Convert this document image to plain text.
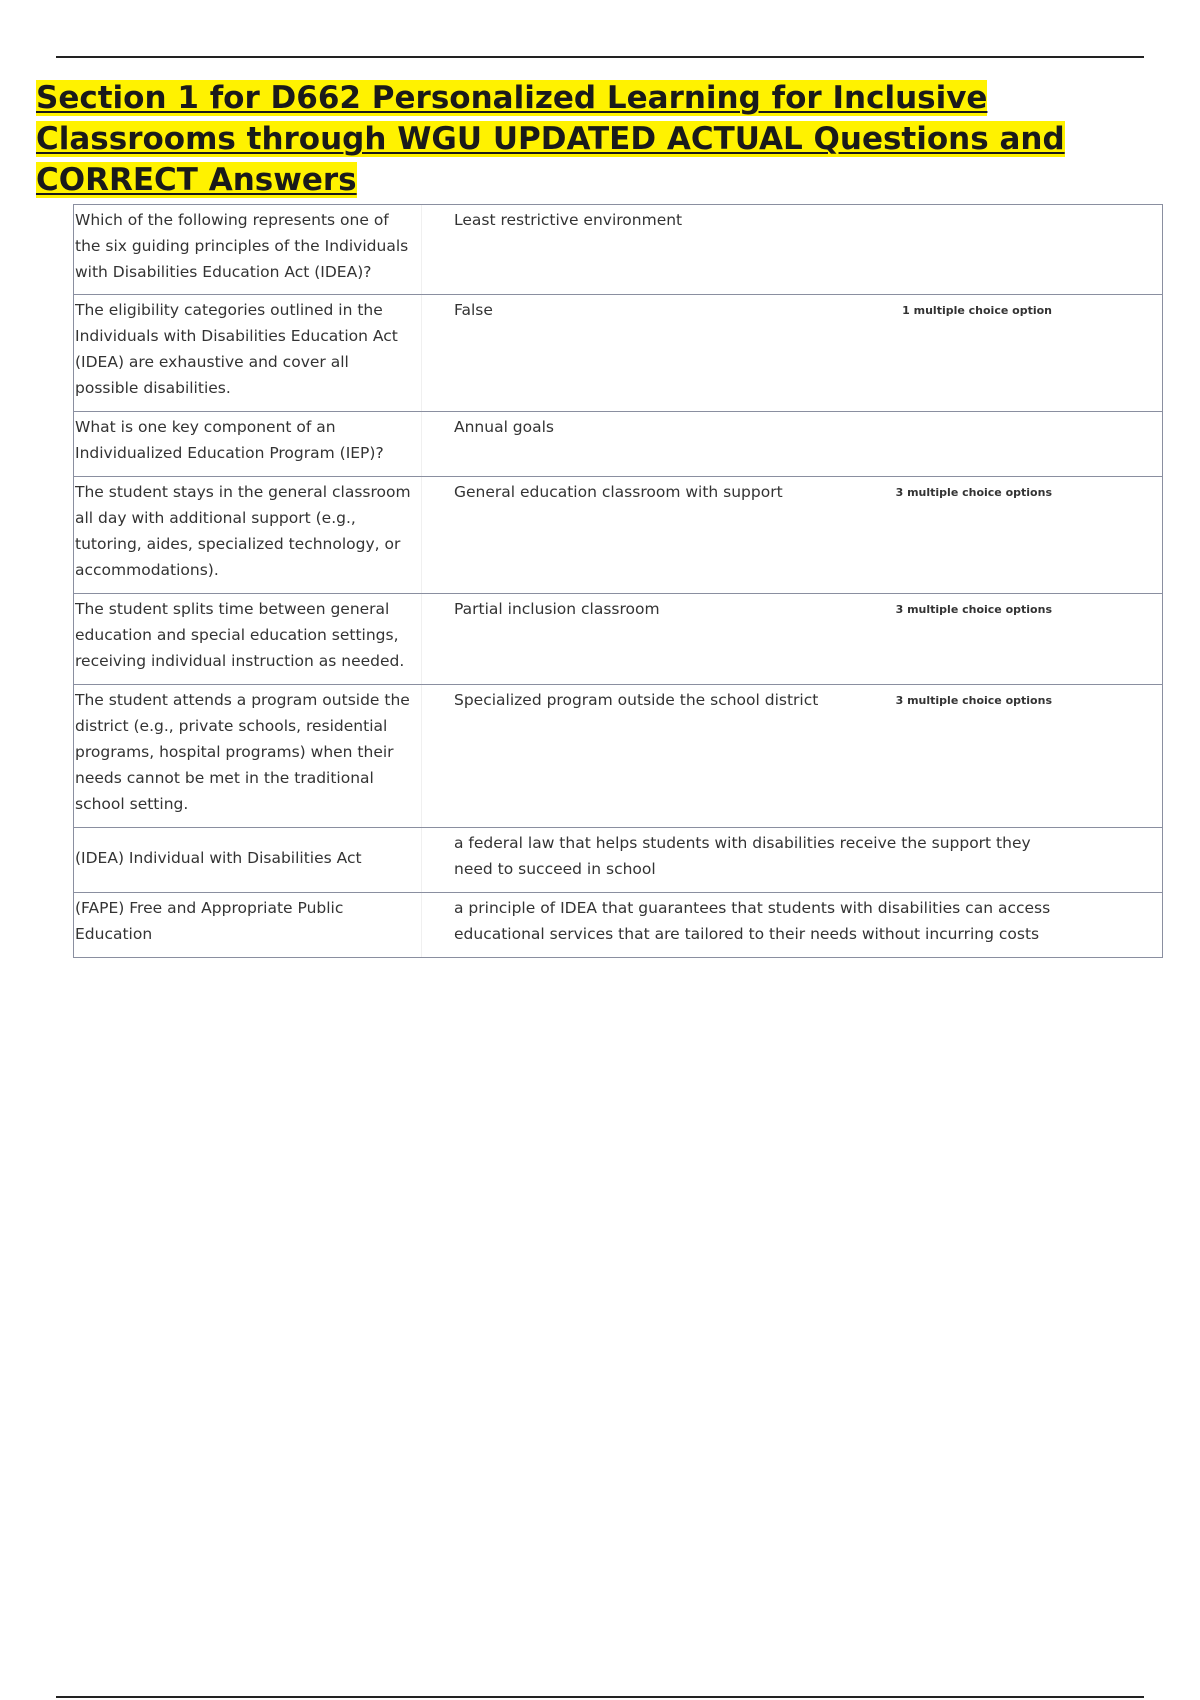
Section 1 for D662 Personalized Learning for Inclusive Classrooms through WGU UPDATED ACTUAL Questions and CORRECT Answers
Which of the following represents one of the six guiding principles of the Individuals with Disabilities Education Act (IDEA)?	Least restrictive environment
The eligibility categories outlined in the Individuals with Disabilities Education Act (IDEA) are exhaustive and cover all possible disabilities.	False 1 multiple choice option

What is one key component of an Individualized Education Program (IEP)?	Annual goals
The student stays in the general classroom all day with additional support (e.g., tutoring, aides, specialized technology, or accommodations).	General education classroom with support 3 multiple choice options

The student splits time between general education and special education settings, receiving individual instruction as needed.	Partial inclusion classroom 3 multiple choice options

The student attends a program outside the district (e.g., private schools, residential programs, hospital programs) when their needs cannot be met in the traditional school setting.	Specialized program outside the school district 3 multiple choice options

(IDEA) Individual with Disabilities Act	a federal law that helps students with disabilities receive the support they need to succeed in school
(FAPE) Free and Appropriate Public Education	a principle of IDEA that guarantees that students with disabilities can access educational services that are tailored to their needs without incurring costs
